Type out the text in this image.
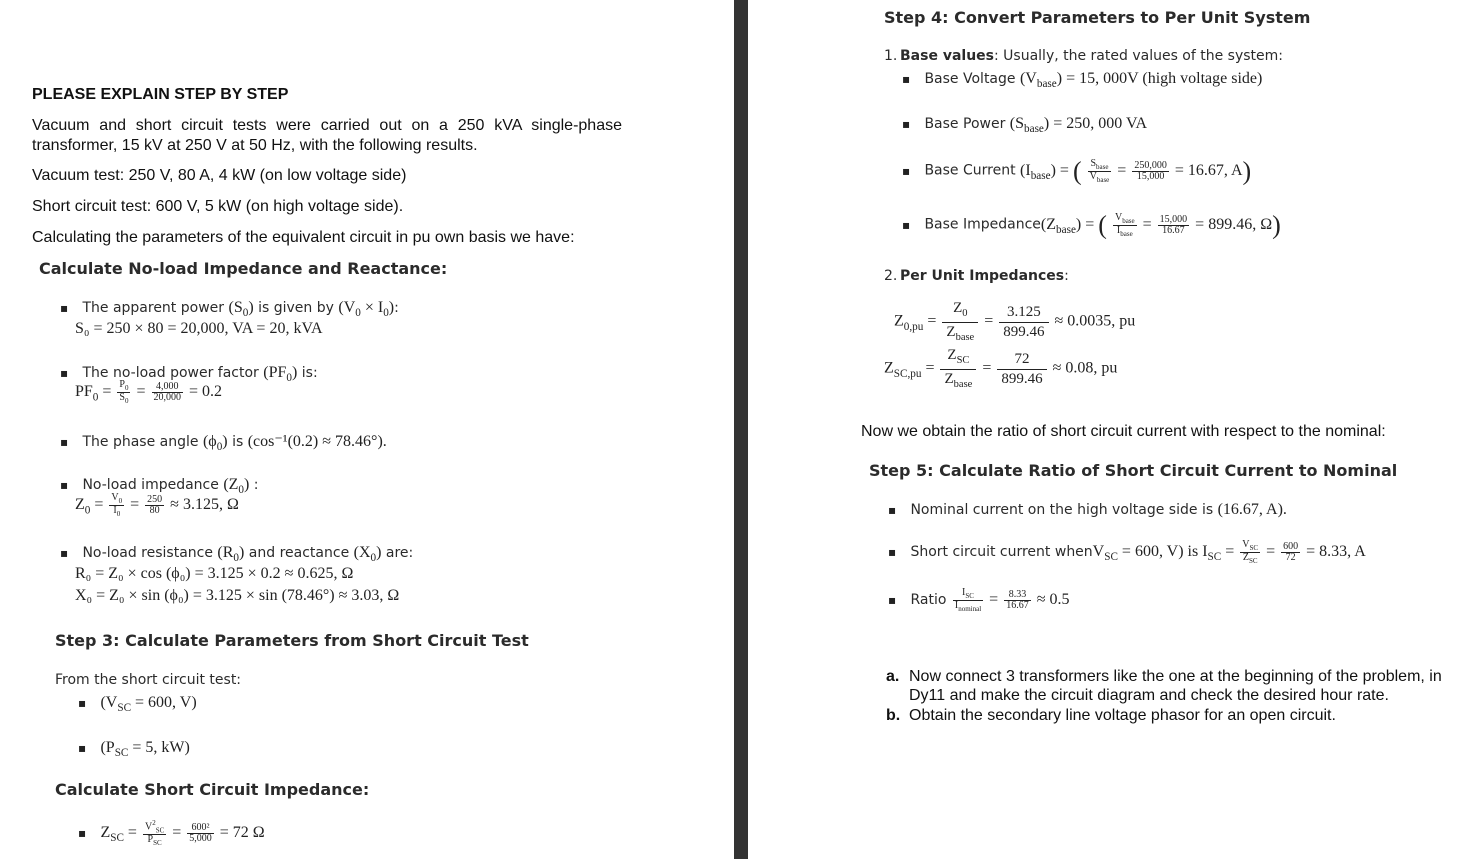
PLEASE EXPLAIN STEP BY STEP
Vacuum and short circuit tests were carried out on a 250 kVA single-phase
transformer, 15 kV at 250 V at 50 Hz, with the following results.
Vacuum test: 250 V, 80 A, 4 kW (on low voltage side)
Short circuit test: 600 V, 5 kW (on high voltage side).
Calculating the parameters of the equivalent circuit in pu own basis we have:
Calculate No-load Impedance and Reactance:
▪ The apparent power $(S_0)$ is given by $(V_0 \times I_0)$:
S₀ = 250 × 80 = 20,000, VA = 20, kVA
▪ The no-load power factor $(PF_0)$ is:
$PF_0 = \frac{P_0}{S_0} = \frac{4,000}{20,000} = 0.2$
▪ The phase angle $(\phi_0)$ is (cos⁻¹(0.2) ≈ 78.46°).
▪ No-load impedance $(Z_0)$ :
$Z_0 = \frac{V_0}{I_0} = \frac{250}{80} \approx 3.125$, Ω
▪ No-load resistance $(R_0)$ and reactance $(X_0)$ are:
R₀ = Z₀ × cos (ϕ₀) = 3.125 × 0.2 ≈ 0.625, Ω
X₀ = Z₀ × sin (ϕ₀) = 3.125 × sin (78.46°) ≈ 3.03, Ω
Step 3: Calculate Parameters from Short Circuit Test
From the short circuit test:
▪ ($V_{SC} = 600$, V)
▪ ($P_{SC} = 5$, kW)
Calculate Short Circuit Impedance:
▪ $Z_{SC} = \frac{V^2_{SC}}{P_{SC}} = \frac{\text{600²}}{5,000} = 72$ Ω
Step 4: Convert Parameters to Per Unit System
1. Base values: Usually, the rated values of the system:
▪ Base Voltage $(V_{base}) = 15$, 000V (high voltage side)
▪ Base Power $(S_{base}) = 250$, 000 VA
▪ Base Current $(I_{base})$ = ( $\frac{S_{base}}{V_{base}} = \frac{250,000}{15,000} = 16.67$, A)
▪ Base $Impedance(Z_{base})$ = ( $\frac{V_{base}}{I_{base}} = \frac{15,000}{16.67} = 899.46$, Ω)
2. Per Unit Impedances:
$Z_{0,pu} = \frac{Z_0}{Z_{base}} = \frac{3.125}{899.46} \approx 0.0035$, pu
$Z_{SC,pu} = \frac{Z_{SC}}{Z_{base}} = \frac{72}{899.46} \approx 0.08$, pu
Now we obtain the ratio of short circuit current with respect to the nominal:
Step 5: Calculate Ratio of Short Circuit Current to Nominal
▪ Nominal current on the high voltage side is (16.67, A).
▪ Short circuit current whenV$_{SC}$ = 600, V) is $I_{SC} = \frac{V_{SC}}{Z_{SC}} = \frac{600}{72} = 8.33$, A
▪ Ratio $\frac{I_{SC}}{I_{nominal}} = \frac{8.33}{16.67} \approx 0.5$
a. Now connect 3 transformers like the one at the beginning of the problem, in
Dy11 and make the circuit diagram and check the desired hour rate.
b. Obtain the secondary line voltage phasor for an open circuit.
